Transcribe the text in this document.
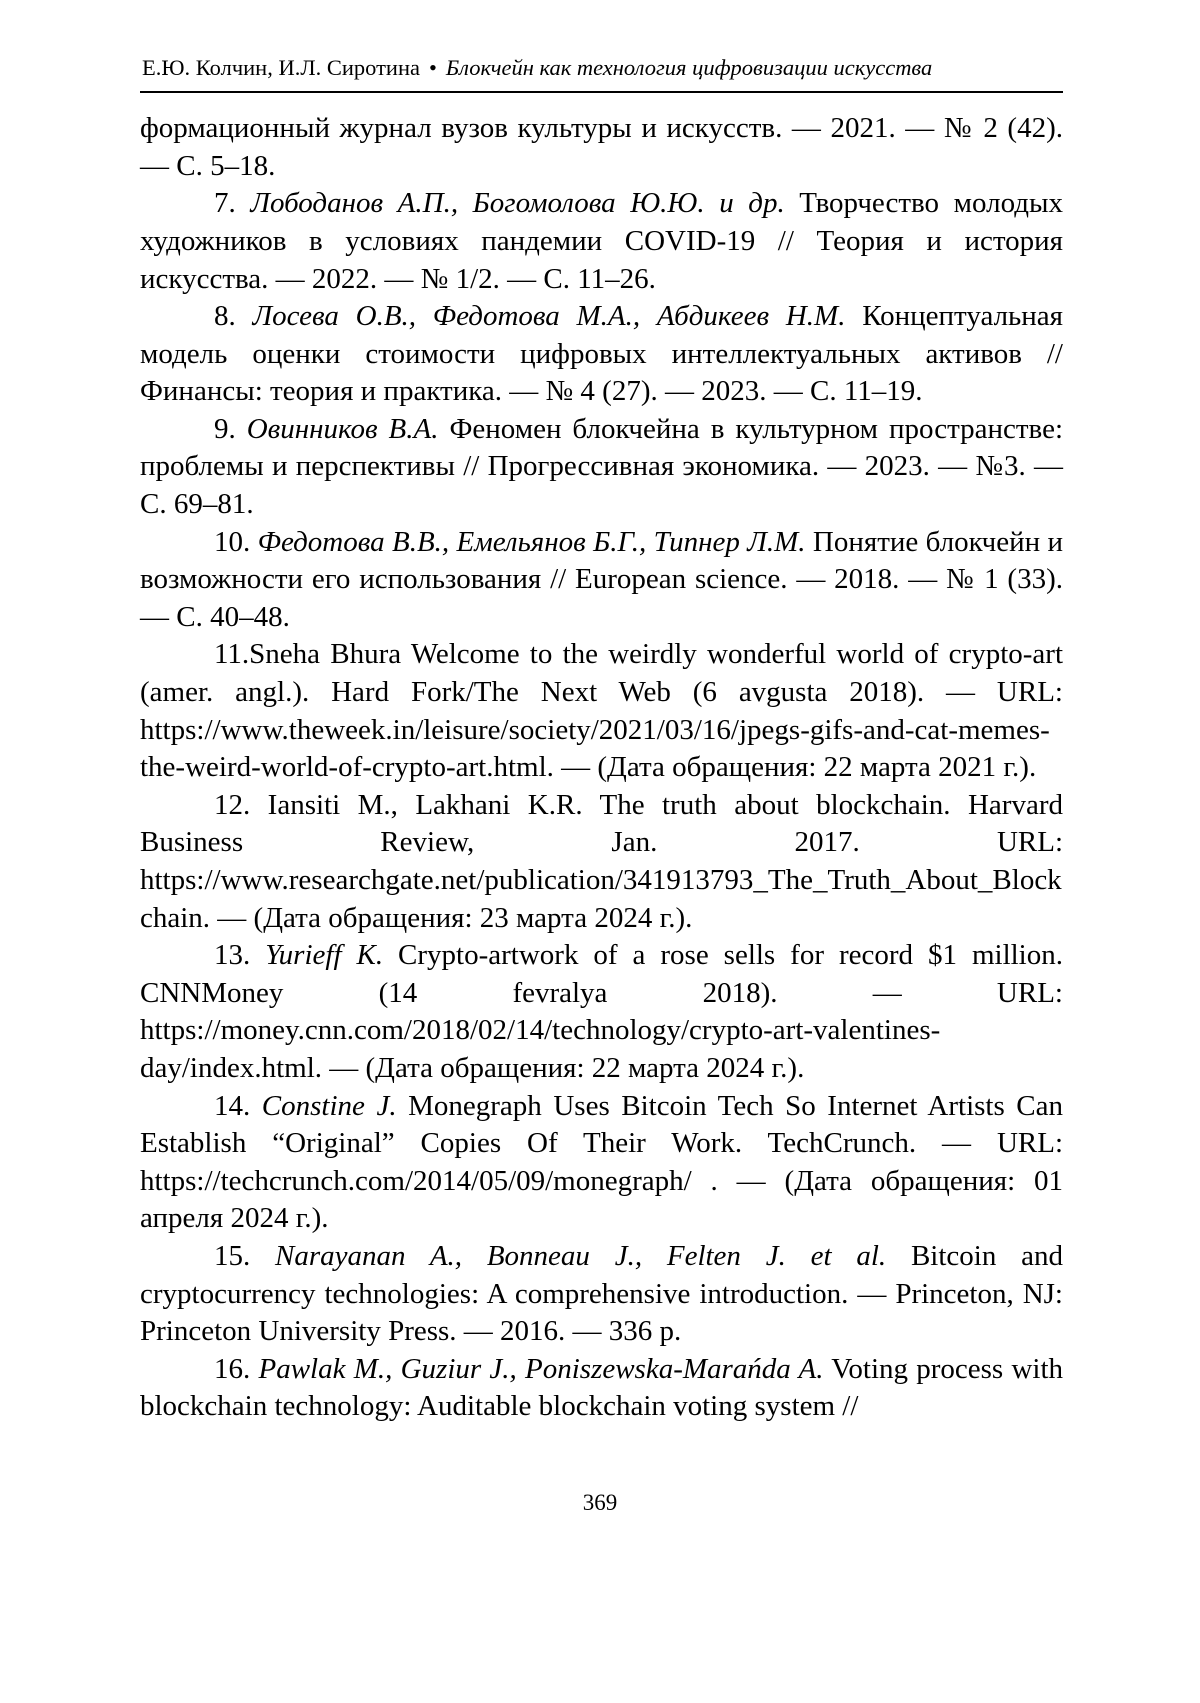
Е.Ю. Колчин, И.Л. Сиротина • Блокчейн как технология цифровизации искусства

формационный журнал вузов культуры и искусств. — 2021. — № 2 (42). — С. 5–18.

7. Лободанов А.П., Богомолова Ю.Ю. и др. Творчество молодых художников в условиях пандемии COVID-19 // Теория и история искусства. — 2022. — № 1/2. — С. 11–26.

8. Лосева О.В., Федотова М.А., Абдикеев Н.М. Концептуальная модель оценки стоимости цифровых интеллектуальных активов //Финансы: теория и практика. — № 4 (27). — 2023. — С. 11–19.

9. Овинников В.А. Феномен блокчейна в культурном пространстве: проблемы и перспективы // Прогрессивная экономика. — 2023. — №3. — С. 69–81.

10. Федотова В.В., Емельянов Б.Г., Типнер Л.М. Понятие блокчейн и возможности его использования // European science. — 2018. — № 1 (33). — С. 40–48.

11.Sneha Bhura Welcome to the weirdly wonderful world of crypto-art (amer. angl.). Hard Fork/The Next Web (6 avgusta 2018). — URL: https://www.theweek.in/leisure/society/2021/03/16/jpegs-gifs-and-cat-memes-the-weird-world-of-crypto-art.html. — (Дата обращения: 22 марта 2021 г.).

12. Iansiti M., Lakhani K.R. The truth about blockchain. Harvard Business Review, Jan. 2017. URL: https://www.researchgate.net/publication/341913793_The_Truth_About_Blockchain. — (Дата обращения: 23 марта 2024 г.).

13. Yurieff K. Crypto-artwork of a rose sells for record $1 million. CNNMoney (14 fevralya 2018). — URL: https://money.cnn.com/2018/02/14/technology/crypto-art-valentines-day/index.html. — (Дата обращения: 22 марта 2024 г.).

14. Constine J. Monegraph Uses Bitcoin Tech So Internet Artists Can Establish “Original” Copies Of Their Work. TechCrunch. — URL: https://techcrunch.com/2014/05/09/monegraph/ . — (Дата обращения: 01 апреля 2024 г.).

15. Narayanan A., Bonneau J., Felten J. et al. Bitcoin and cryptocurrency technologies: A comprehensive introduction. — Princeton, NJ: Princeton University Press. — 2016. — 336 p.

16. Pawlak M., Guziur J., Poniszewska-Marańda A. Voting process with blockchain technology: Auditable blockchain voting system //

369
